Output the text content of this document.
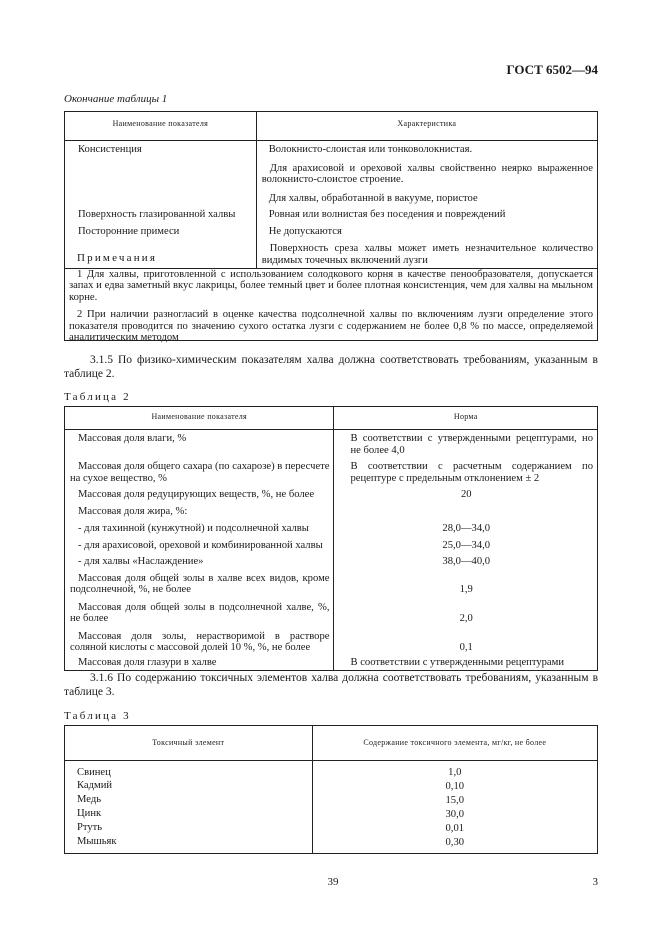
ГОСТ 6502—94
Окончание таблицы 1
Наименование показателя	Характеристика
Консистенция	Волокнисто-слоистая или тонковолокнистая.
	Для арахисовой и ореховой халвы свойственно неярко выраженное волокнисто-слоистое строение.
	Для халвы, обработанной в вакууме, пористое
Поверхность глазированной халвы	Ровная или волнистая без поседения и повреждений
Посторонние примеси	Не допускаются
	Поверхность среза халвы может иметь незначительное количество видимых точечных включений лузги

Примечания

1 Для халвы, приготовленной с использованием солодкового корня в качестве пенообразователя, допускается запах и едва заметный вкус лакрицы, более темный цвет и более плотная консистенция, чем для халвы на мыльном корне.

2 При наличии разногласий в оценке качества подсолнечной халвы по включениям лузги определение этого показателя проводится по значению сухого остатка лузги с содержанием не более 0,8 % по массе, определяемой аналитическим методом

3.1.5 По физико-химическим показателям халва должна соответствовать требованиям, указанным в таблице 2.
Таблица 2
Наименование показателя	Норма
Массовая доля влаги, %	В соответствии с утвержденными рецептурами, но не более 4,0
Массовая доля общего сахара (по сахарозе) в пересчете на сухое вещество, %	В соответствии с расчетным содержанием по рецептуре с предельным отклонением ± 2
Массовая доля редуцирующих веществ, %, не более	20
Массовая доля жира, %:	
- для тахинной (кунжутной) и подсолнечной халвы	28,0—34,0
- для арахисовой, ореховой и комбинированной халвы	25,0—34,0
- для халвы «Наслаждение»	38,0—40,0
Массовая доля общей золы в халве всех видов, кроме подсолнечной, %, не более	1,9
Массовая доля общей золы в подсолнечной халве, %, не более	2,0
Массовая доля золы, нерастворимой в растворе соляной кислоты с массовой долей 10 %, %, не более	0,1
Массовая доля глазури в халве	В соответствии с утвержденными рецептурами
3.1.6 По содержанию токсичных элементов халва должна соответствовать требованиям, указанным в таблице 3.
Таблица 3
Токсичный элемент	Содержание токсичного элемента, мг/кг, не более
Свинец	1,0
Кадмий	0,10
Медь	15,0
Цинк	30,0
Ртуть	0,01
Мышьяк	0,30
39	3
